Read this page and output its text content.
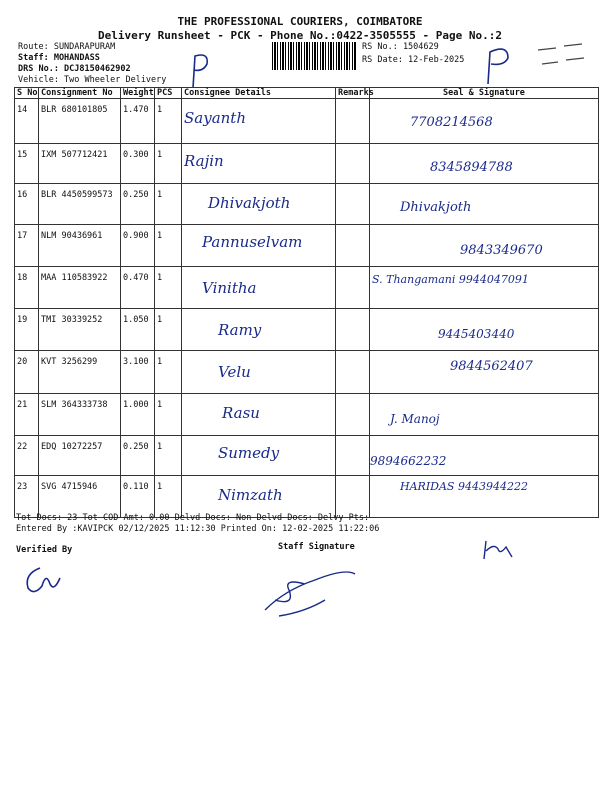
THE PROFESSIONAL COURIERS, COIMBATORE
Delivery Runsheet - PCK - Phone No.:0422-3505555 - Page No.:2
Route: SUNDARAPURAM
Staff: MOHANDASS
DRS No.: DCJ8150462902
Vehicle: Two Wheeler Delivery
RS No.: 1504629
RS Date: 12-Feb-2025
S No	Consignment No	Weight	PCS	Consignee Details	Remarks	Seal & Signature
14	BLR 680101805	1.470	1	Sayanth		7708214568
15	IXM 507712421	0.300	1	Rajin		8345894788
16	BLR 4450599573	0.250	1	Dhivakjoth		Dhivakjoth
17	NLM 90436961	0.900	1	Pannuselvam		9843349670
18	MAA 110583922	0.470	1	Vinitha		S. Thangamani 9944047091
19	TMI 30339252	1.050	1	Ramy		9445403440
20	KVT 3256299	3.100	1	Velu		9844562407
21	SLM 364333738	1.000	1	Rasu		J. Manoj
22	EDQ 10272257	0.250	1	Sumedy		9894662232
23	SVG 4715946	0.110	1	Nimzath		HARIDAS 9443944222
Tot Docs: 23 Tot COD Amt: 0.00 Delvd Docs: Non Delvd Docs: Delvy Pts:
Entered By :KAVIPCK 02/12/2025 11:12:30 Printed On: 12-02-2025 11:22:06
Verified By	Staff Signature
